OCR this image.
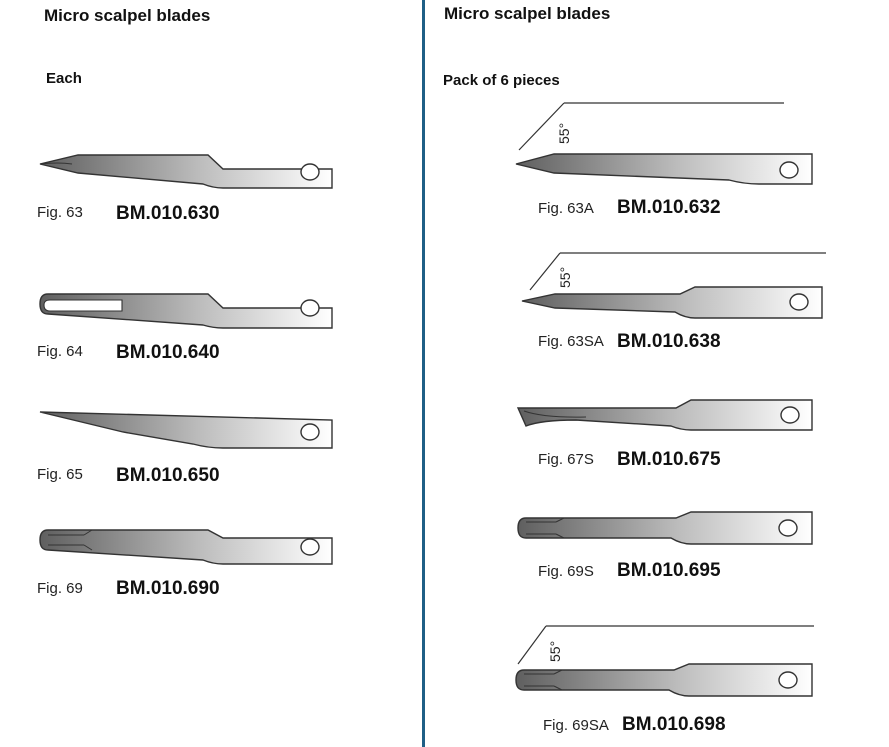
Micro scalpel blades
Each
Fig. 63 BM.010.630
Fig. 64 BM.010.640
Fig. 65 BM.010.650
Fig. 69 BM.010.690
Micro scalpel blades
Pack of 6 pieces
55°
Fig. 63A BM.010.632
55°
Fig. 63SA BM.010.638
Fig. 67S BM.010.675
Fig. 69S BM.010.695
55°
Fig. 69SA BM.010.698
